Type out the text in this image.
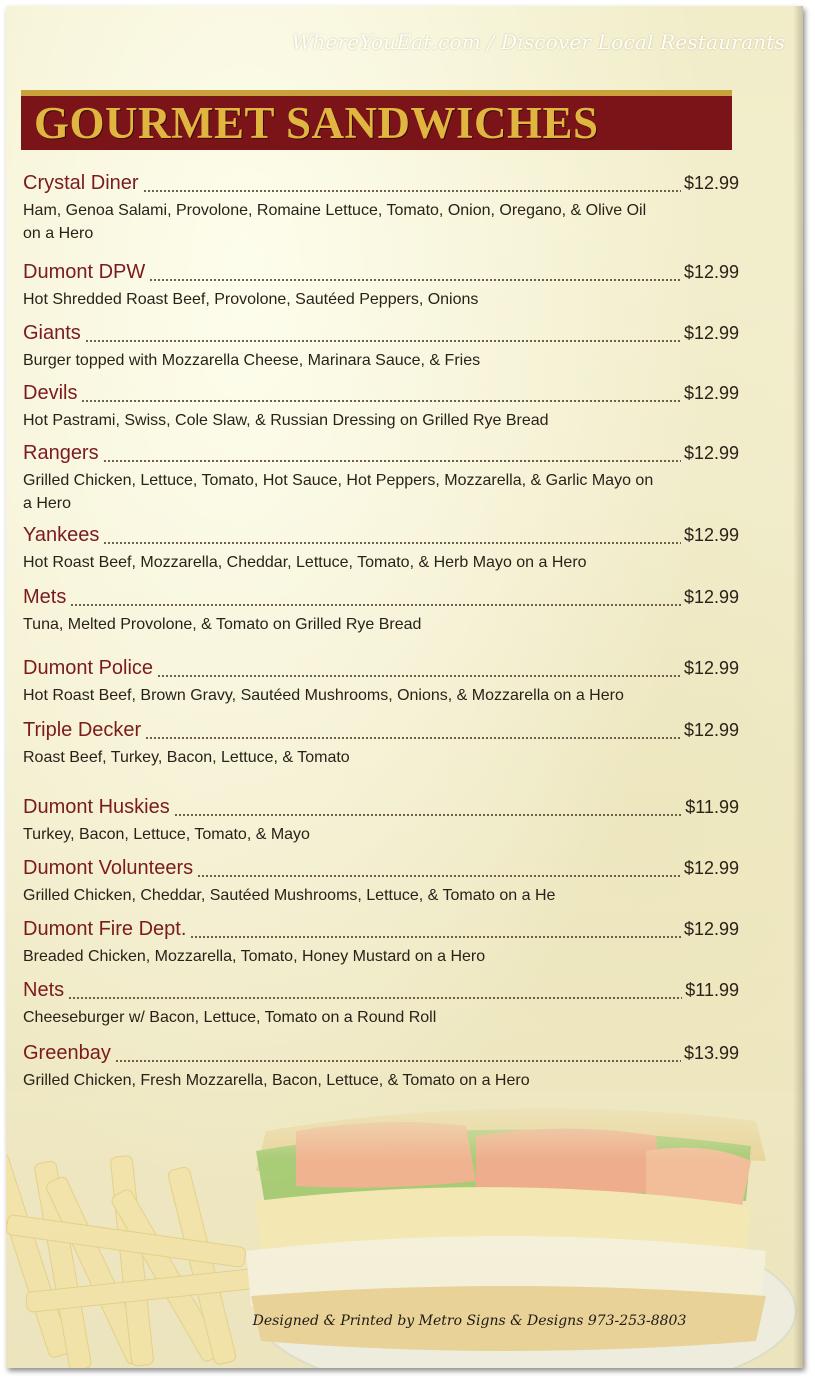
WhereYouEat.com / Discover Local Restaurants

GOURMET SANDWICHES
Crystal Diner	$12.99

Ham, Genoa Salami, Provolone, Romaine Lettuce, Tomato, Onion, Oregano, & Olive Oil on a Hero

Dumont DPW	$12.99

Hot Shredded Roast Beef, Provolone, Sautéed Peppers, Onions

Giants	$12.99

Burger topped with Mozzarella Cheese, Marinara Sauce, & Fries

Devils	$12.99

Hot Pastrami, Swiss, Cole Slaw, & Russian Dressing on Grilled Rye Bread

Rangers	$12.99

Grilled Chicken, Lettuce, Tomato, Hot Sauce, Hot Peppers, Mozzarella, & Garlic Mayo on a Hero

Yankees	$12.99

Hot Roast Beef, Mozzarella, Cheddar, Lettuce, Tomato, & Herb Mayo on a Hero

Mets	$12.99

Tuna, Melted Provolone, & Tomato on Grilled Rye Bread

Dumont Police	$12.99

Hot Roast Beef, Brown Gravy, Sautéed Mushrooms, Onions, & Mozzarella on a Hero

Triple Decker	$12.99

Roast Beef, Turkey, Bacon, Lettuce, & Tomato

Dumont Huskies	$11.99

Turkey, Bacon, Lettuce, Tomato, & Mayo

Dumont Volunteers	$12.99

Grilled Chicken, Cheddar, Sautéed Mushrooms, Lettuce, & Tomato on a He

Dumont Fire Dept.	$12.99

Breaded Chicken, Mozzarella, Tomato, Honey Mustard on a Hero

Nets	$11.99

Cheeseburger w/ Bacon, Lettuce, Tomato on a Round Roll

Greenbay	$13.99

Grilled Chicken, Fresh Mozzarella, Bacon, Lettuce, & Tomato on a Hero

Designed & Printed by Metro Signs & Designs 973-253-8803
